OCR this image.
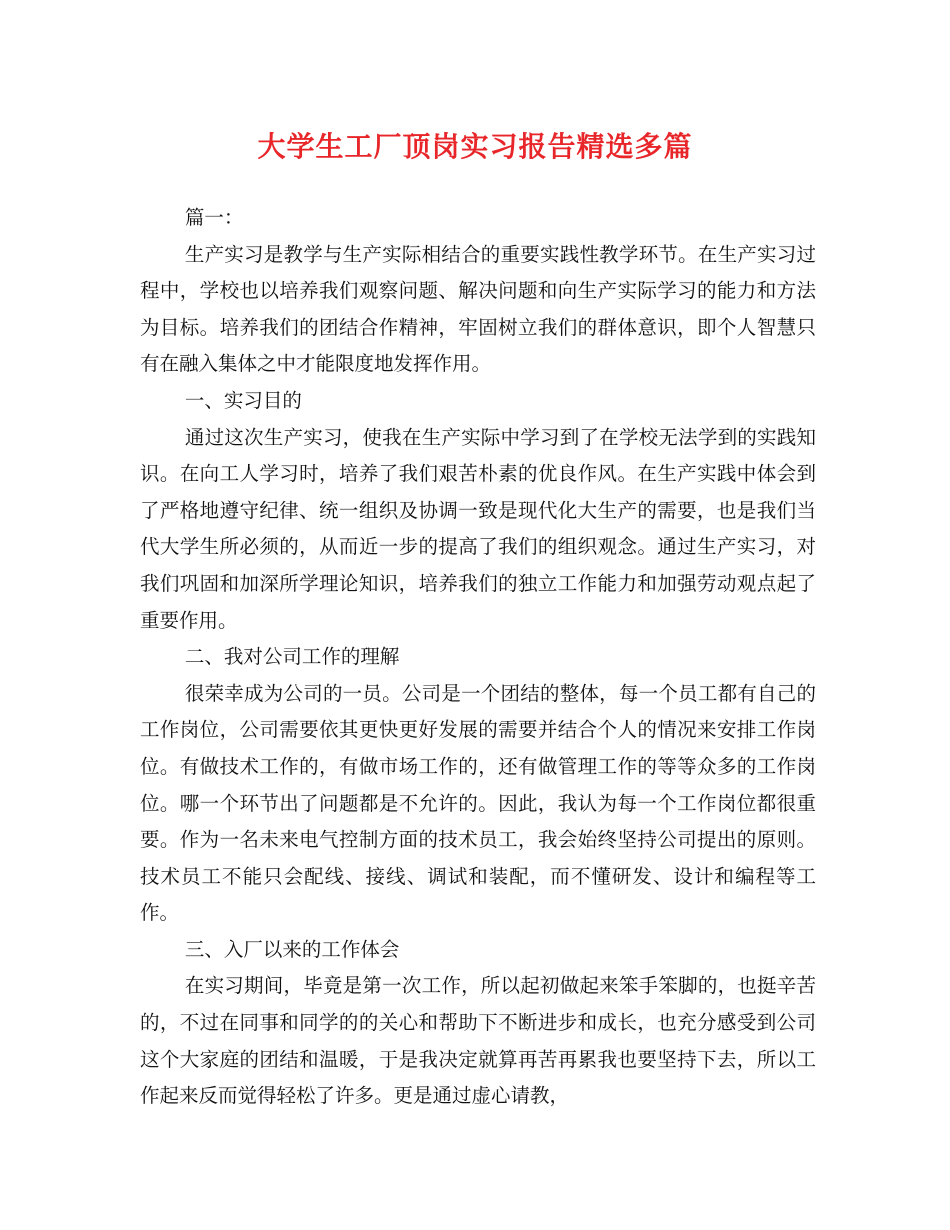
大学生工厂顶岗实习报告精选多篇

篇一：

生产实习是教学与生产实际相结合的重要实践性教学环节。在生产实习过程中，学校也以培养我们观察问题、解决问题和向生产实际学习的能力和方法为目标。培养我们的团结合作精神，牢固树立我们的群体意识，即个人智慧只有在融入集体之中才能限度地发挥作用。

一、实习目的

通过这次生产实习，使我在生产实际中学习到了在学校无法学到的实践知识。在向工人学习时，培养了我们艰苦朴素的优良作风。在生产实践中体会到了严格地遵守纪律、统一组织及协调一致是现代化大生产的需要，也是我们当代大学生所必须的，从而近一步的提高了我们的组织观念。通过生产实习，对我们巩固和加深所学理论知识，培养我们的独立工作能力和加强劳动观点起了重要作用。

二、我对公司工作的理解

很荣幸成为公司的一员。公司是一个团结的整体，每一个员工都有自己的工作岗位，公司需要依其更快更好发展的需要并结合个人的情况来安排工作岗位。有做技术工作的，有做市场工作的，还有做管理工作的等等众多的工作岗位。哪一个环节出了问题都是不允许的。因此，我认为每一个工作岗位都很重要。作为一名未来电气控制方面的技术员工，我会始终坚持公司提出的原则。技术员工不能只会配线、接线、调试和装配，而不懂研发、设计和编程等工作。

三、入厂以来的工作体会

在实习期间，毕竟是第一次工作，所以起初做起来笨手笨脚的，也挺辛苦的，不过在同事和同学的的关心和帮助下不断进步和成长，也充分感受到公司这个大家庭的团结和温暖，于是我决定就算再苦再累我也要坚持下去，所以工作起来反而觉得轻松了许多。更是通过虚心请教，
